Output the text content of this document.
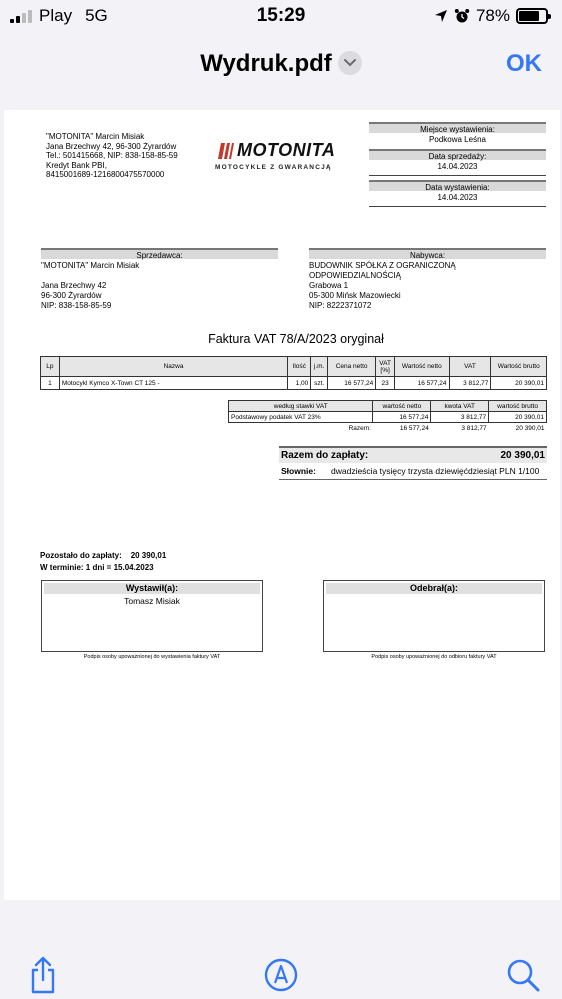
Play 5G	15:29	78%
Wydruk.pdf	OK
"MOTONITA" Marcin Misiak
Jana Brzechwy 42, 96-300 Żyrardów
Tel.: 501415668, NIP: 838-158-85-59
Kredyt Bank PBI,
8415001689-1216800475570000
MOTONITA
MOTOCYKLE Z GWARANCJĄ
Miejsce wystawienia:
Podkowa Leśna
Data sprzedaży:
14.04.2023
Data wystawienia:
14.04.2023
Sprzedawca:
"MOTONITA" Marcin Misiak
Jana Brzechwy 42
96-300 Żyrardów
NIP: 838-158-85-59
Nabywca:
BUDOWNIK SPÓŁKA Z OGRANICZONĄ
ODPOWIEDZIALNOŚCIĄ
Grabowa 1
05-300 Mińsk Mazowiecki
NIP: 8222371072
Faktura VAT 78/A/2023 oryginał
Lp	Nazwa	Ilość	j.m.	Cena netto	VAT [%]	Wartość netto	VAT	Wartość brutto
1	Motocykl Kymco X-Town CT 125 -	1,00	szt.	16 577,24	23	16 577,24	3 812,77	20 390,01
według stawki VAT	wartość netto	kwota VAT	wartość brutto
Podstawowy podatek VAT 23%	16 577,24	3 812,77	20 390,01
Razem:	16 577,24	3 812,77	20 390,01
Razem do zapłaty:	20 390,01
Słownie:	dwadzieścia tysięcy trzysta dziewięćdziesiąt PLN 1/100
Pozostało do zapłaty: 20 390,01
W terminie: 1 dni = 15.04.2023
Wystawił(a):
Tomasz Misiak
Podpis osoby upoważnionej do wystawienia faktury VAT
Odebrał(a):
Podpis osoby upoważnionej do odbioru faktury VAT
